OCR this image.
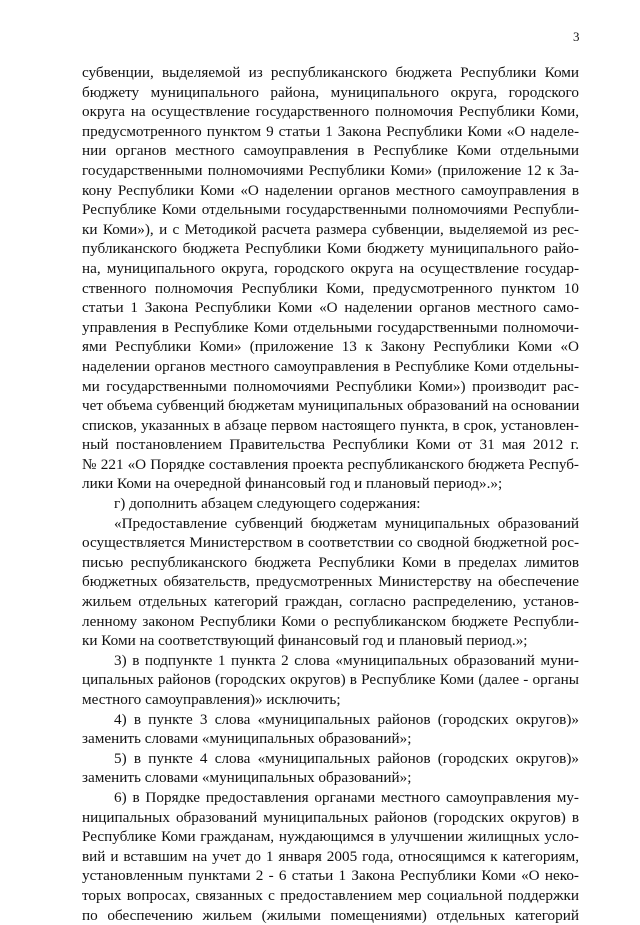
3
субвенции, выделяемой из республиканского бюджета Республики Коми
бюджету муниципального района, муниципального округа, городского
округа на осуществление государственного полномочия Республики Коми,
предусмотренного пунктом 9 статьи 1 Закона Республики Коми «О наделе-
нии органов местного самоуправления в Республике Коми отдельными
государственными полномочиями Республики Коми» (приложение 12 к За-
кону Республики Коми «О наделении органов местного самоуправления в
Республике Коми отдельными государственными полномочиями Республи-
ки Коми»), и с Методикой расчета размера субвенции, выделяемой из рес-
публиканского бюджета Республики Коми бюджету муниципального райо-
на, муниципального округа, городского округа на осуществление государ-
ственного полномочия Республики Коми, предусмотренного пунктом 10
статьи 1 Закона Республики Коми «О наделении органов местного само-
управления в Республике Коми отдельными государственными полномочи-
ями Республики Коми» (приложение 13 к Закону Республики Коми «О
наделении органов местного самоуправления в Республике Коми отдельны-
ми государственными полномочиями Республики Коми») производит рас-
чет объема субвенций бюджетам муниципальных образований на основании
списков, указанных в абзаце первом настоящего пункта, в срок, установлен-
ный постановлением Правительства Республики Коми от 31 мая 2012 г.
№ 221 «О Порядке составления проекта республиканского бюджета Респуб-
лики Коми на очередной финансовый год и плановый период».»;
г) дополнить абзацем следующего содержания:
«Предоставление субвенций бюджетам муниципальных образований
осуществляется Министерством в соответствии со сводной бюджетной рос-
писью республиканского бюджета Республики Коми в пределах лимитов
бюджетных обязательств, предусмотренных Министерству на обеспечение
жильем отдельных категорий граждан, согласно распределению, установ-
ленному законом Республики Коми о республиканском бюджете Республи-
ки Коми на соответствующий финансовый год и плановый период.»;
3) в подпункте 1 пункта 2 слова «муниципальных образований муни-
ципальных районов (городских округов) в Республике Коми (далее - органы
местного самоуправления)» исключить;
4) в пункте 3 слова «муниципальных районов (городских округов)»
заменить словами «муниципальных образований»;
5) в пункте 4 слова «муниципальных районов (городских округов)»
заменить словами «муниципальных образований»;
6) в Порядке предоставления органами местного самоуправления му-
ниципальных образований муниципальных районов (городских округов) в
Республике Коми гражданам, нуждающимся в улучшении жилищных усло-
вий и вставшим на учет до 1 января 2005 года, относящимся к категориям,
установленным пунктами 2 - 6 статьи 1 Закона Республики Коми «О неко-
торых вопросах, связанных с предоставлением мер социальной поддержки
по обеспечению жильем (жилыми помещениями) отдельных категорий
